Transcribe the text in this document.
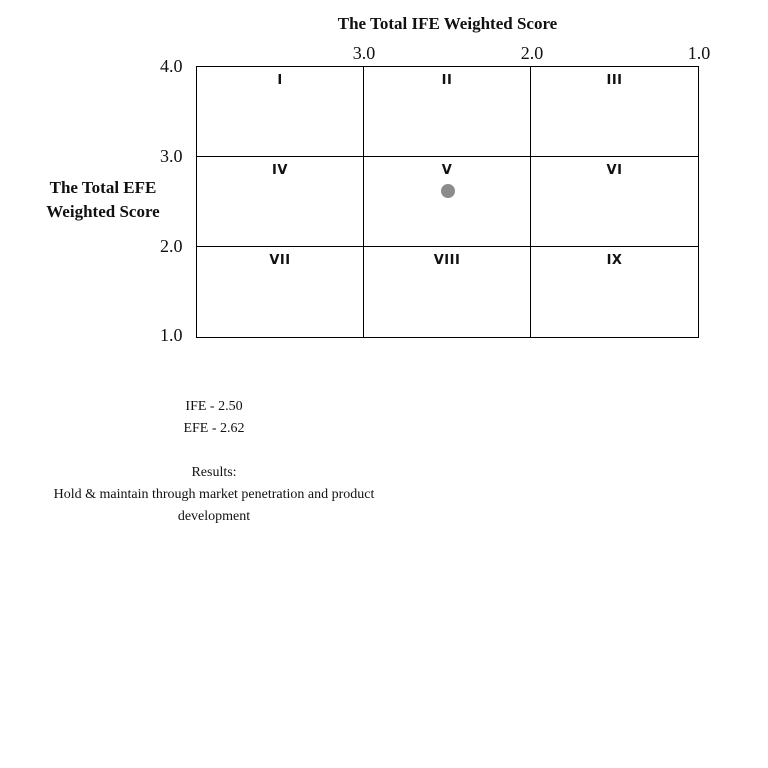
The Total IFE Weighted Score
3.0	2.0	1.0
The Total EFE
Weighted Score
4.0
3.0
2.0
1.0
I	II	III
IV	V	VI
VII	VIII	IX
IFE - 2.50
EFE - 2.62
Results:
Hold & maintain through market penetration and product
development
